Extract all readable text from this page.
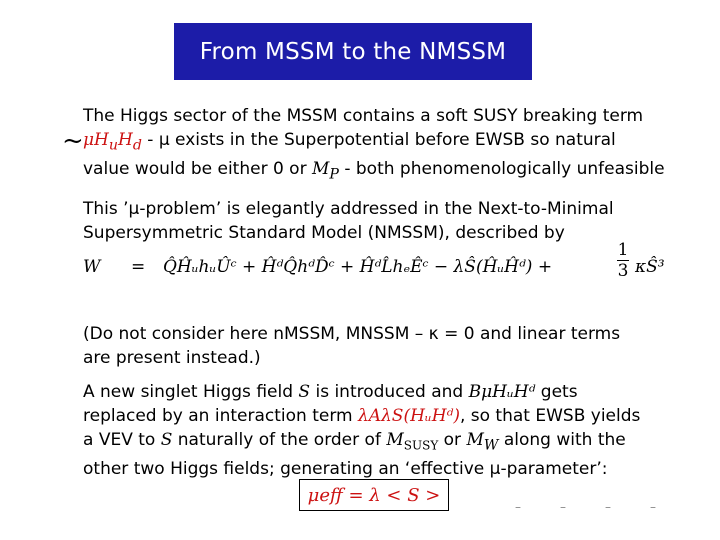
From MSSM to the NMSSM
~
The Higgs sector of the MSSM contains a soft SUSY breaking term
$\mu H_uH_d$ - μ exists in the Superpotential before EWSB so natural
value would be either 0 or $M_P$ - both phenomenologically unfeasible
This ’μ-problem’ is elegantly addressed in the Next-to-Minimal
Supersymmetric Standard Model (NMSSM), described by
W = Q̂ĤᵤhᵤÛᶜ + ĤᵈQ̂hᵈD̂ᶜ + ĤᵈL̂hₑÊᶜ − λŜ(ĤᵤĤᵈ) +
1
3 κŜ³
(Do not consider here nMSSM, MNSSM – κ = 0 and linear terms
are present instead.)
A new singlet Higgs field S is introduced and BμHᵤHᵈ gets
replaced by an interaction term λAλS(HᵤHᵈ), so that EWSB yields
a VEV to S naturally of the order of $M_{SUSY}$ or $M_W$ along with the
other two Higgs fields; generating an ‘effective μ-parameter’:
μeff = λ < S >
–	–	–	–
